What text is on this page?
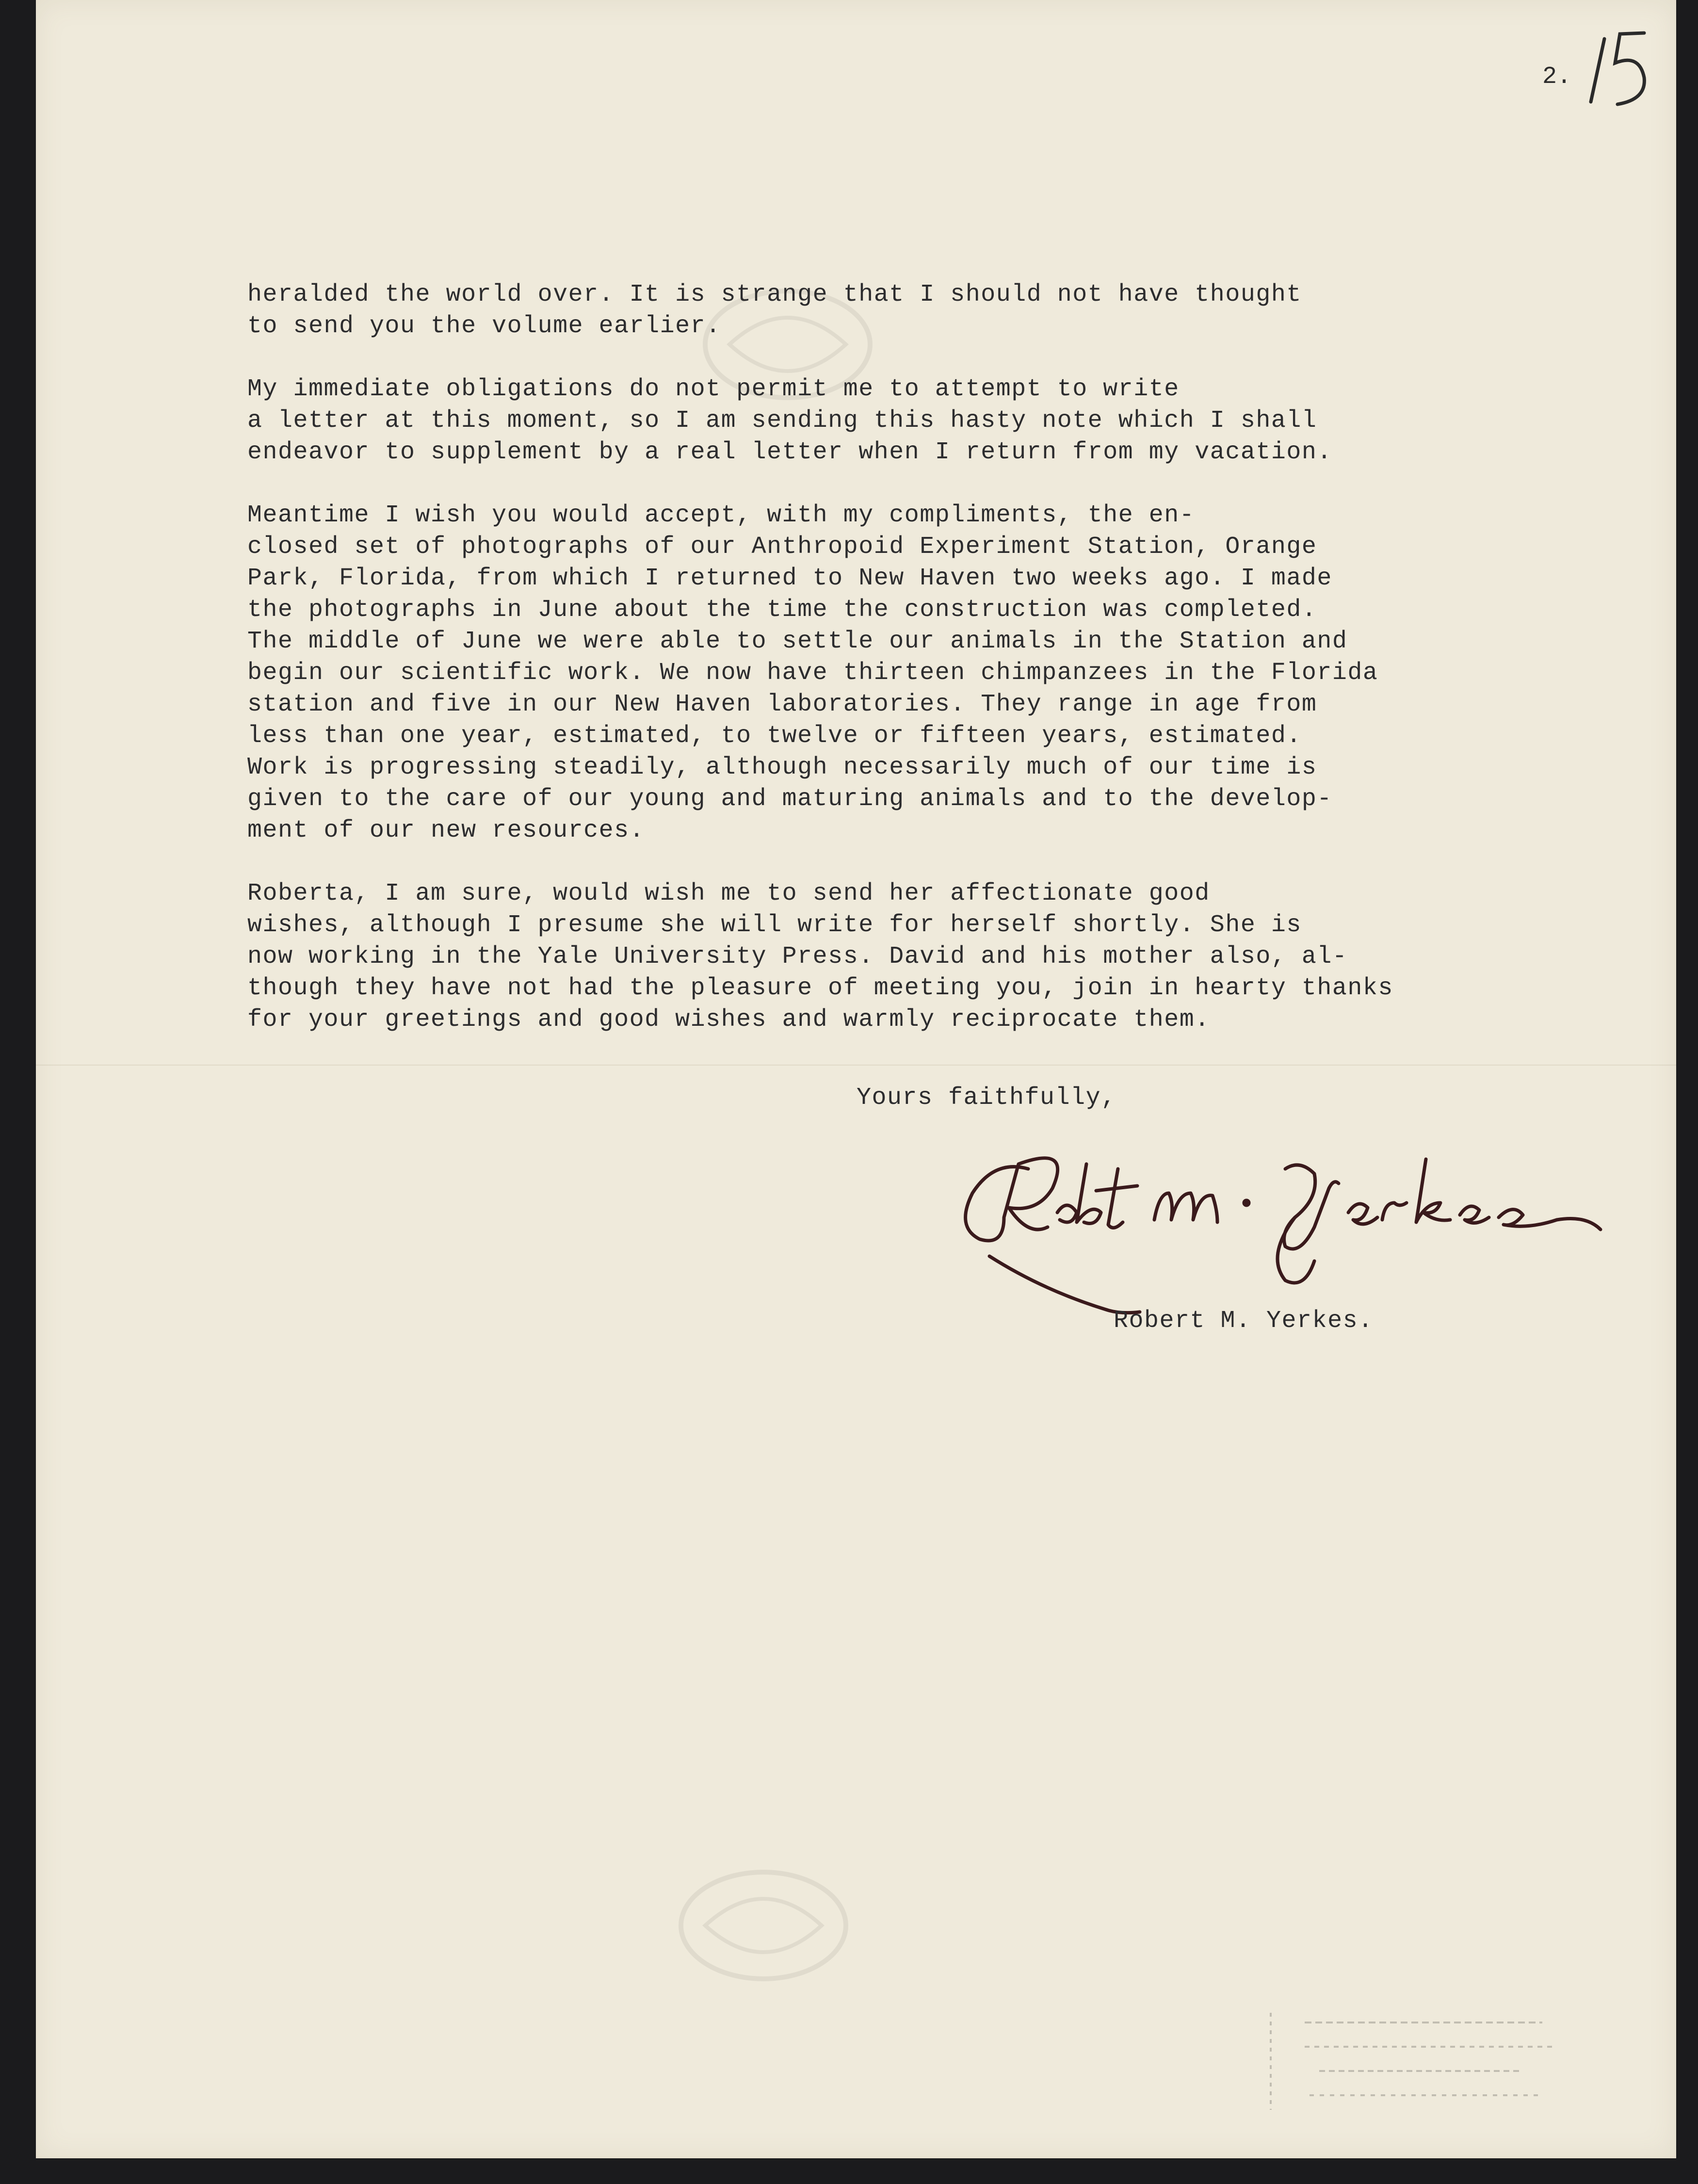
2.

heralded the world over. It is strange that I should not have thought
to send you the volume earlier.

My immediate obligations do not permit me to attempt to write
a letter at this moment, so I am sending this hasty note which I shall
endeavor to supplement by a real letter when I return from my vacation.

Meantime I wish you would accept, with my compliments, the en-
closed set of photographs of our Anthropoid Experiment Station, Orange
Park, Florida, from which I returned to New Haven two weeks ago. I made
the photographs in June about the time the construction was completed.
The middle of June we were able to settle our animals in the Station and
begin our scientific work. We now have thirteen chimpanzees in the Florida
station and five in our New Haven laboratories. They range in age from
less than one year, estimated, to twelve or fifteen years, estimated.
Work is progressing steadily, although necessarily much of our time is
given to the care of our young and maturing animals and to the develop-
ment of our new resources.

Roberta, I am sure, would wish me to send her affectionate good
wishes, although I presume she will write for herself shortly. She is
now working in the Yale University Press. David and his mother also, al-
though they have not had the pleasure of meeting you, join in hearty thanks
for your greetings and good wishes and warmly reciprocate them.

Yours faithfully,
Robert M. Yerkes.
